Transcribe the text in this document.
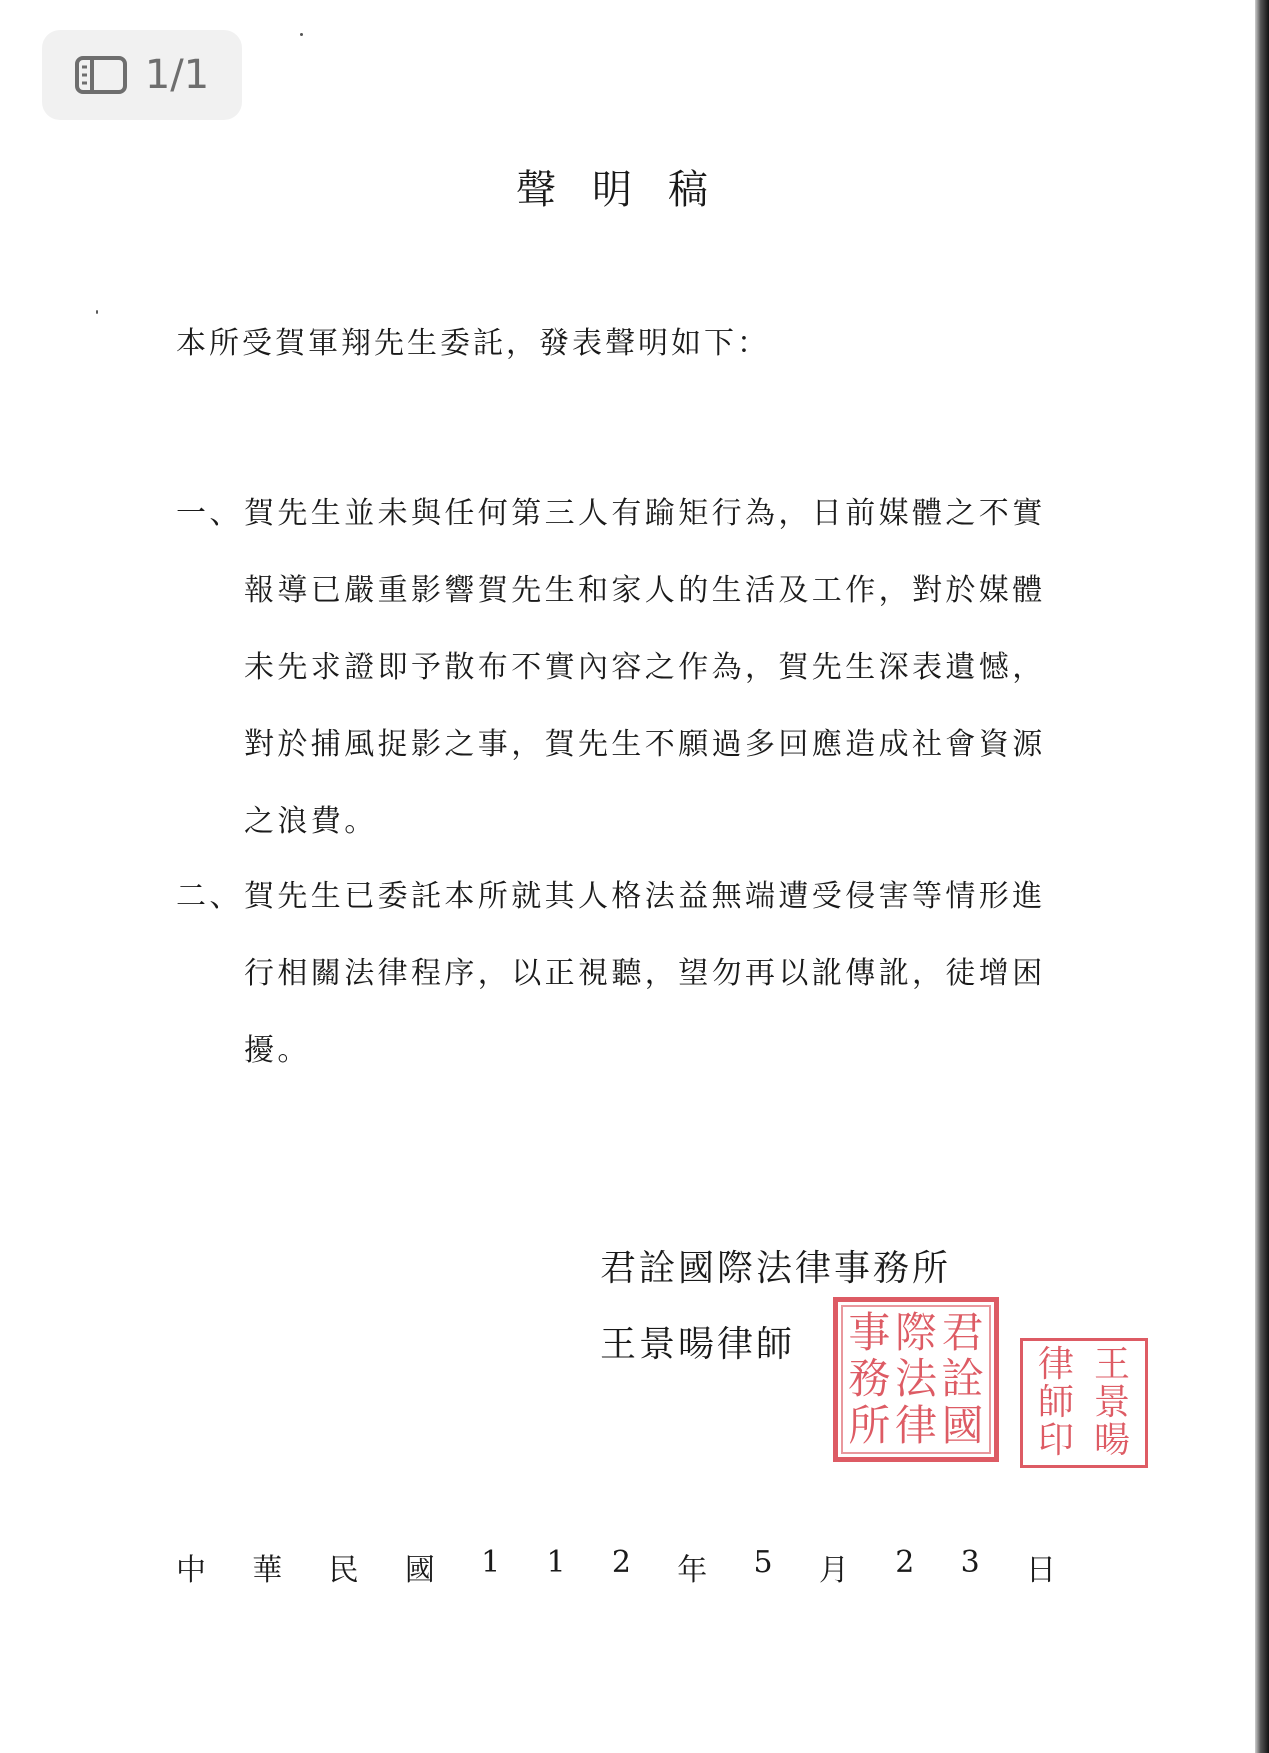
1/1
聲明稿
本所受賀軍翔先生委託，發表聲明如下：
一、 賀先生並未與任何第三人有踰矩行為，日前媒體之不實
報導已嚴重影響賀先生和家人的生活及工作，對於媒體
未先求證即予散布不實內容之作為，賀先生深表遺憾，
對於捕風捉影之事，賀先生不願過多回應造成社會資源
之浪費。
二、 賀先生已委託本所就其人格法益無端遭受侵害等情形進
行相關法律程序，以正視聽，望勿再以訛傳訛，徒增困
擾。
君詮國際法律事務所
王景暘律師	君
詮
國
際
法
律
事
務
所
王
景
暘
律
師
印
中 華 民 國 1 1 2 年 5 月 2 3 日
